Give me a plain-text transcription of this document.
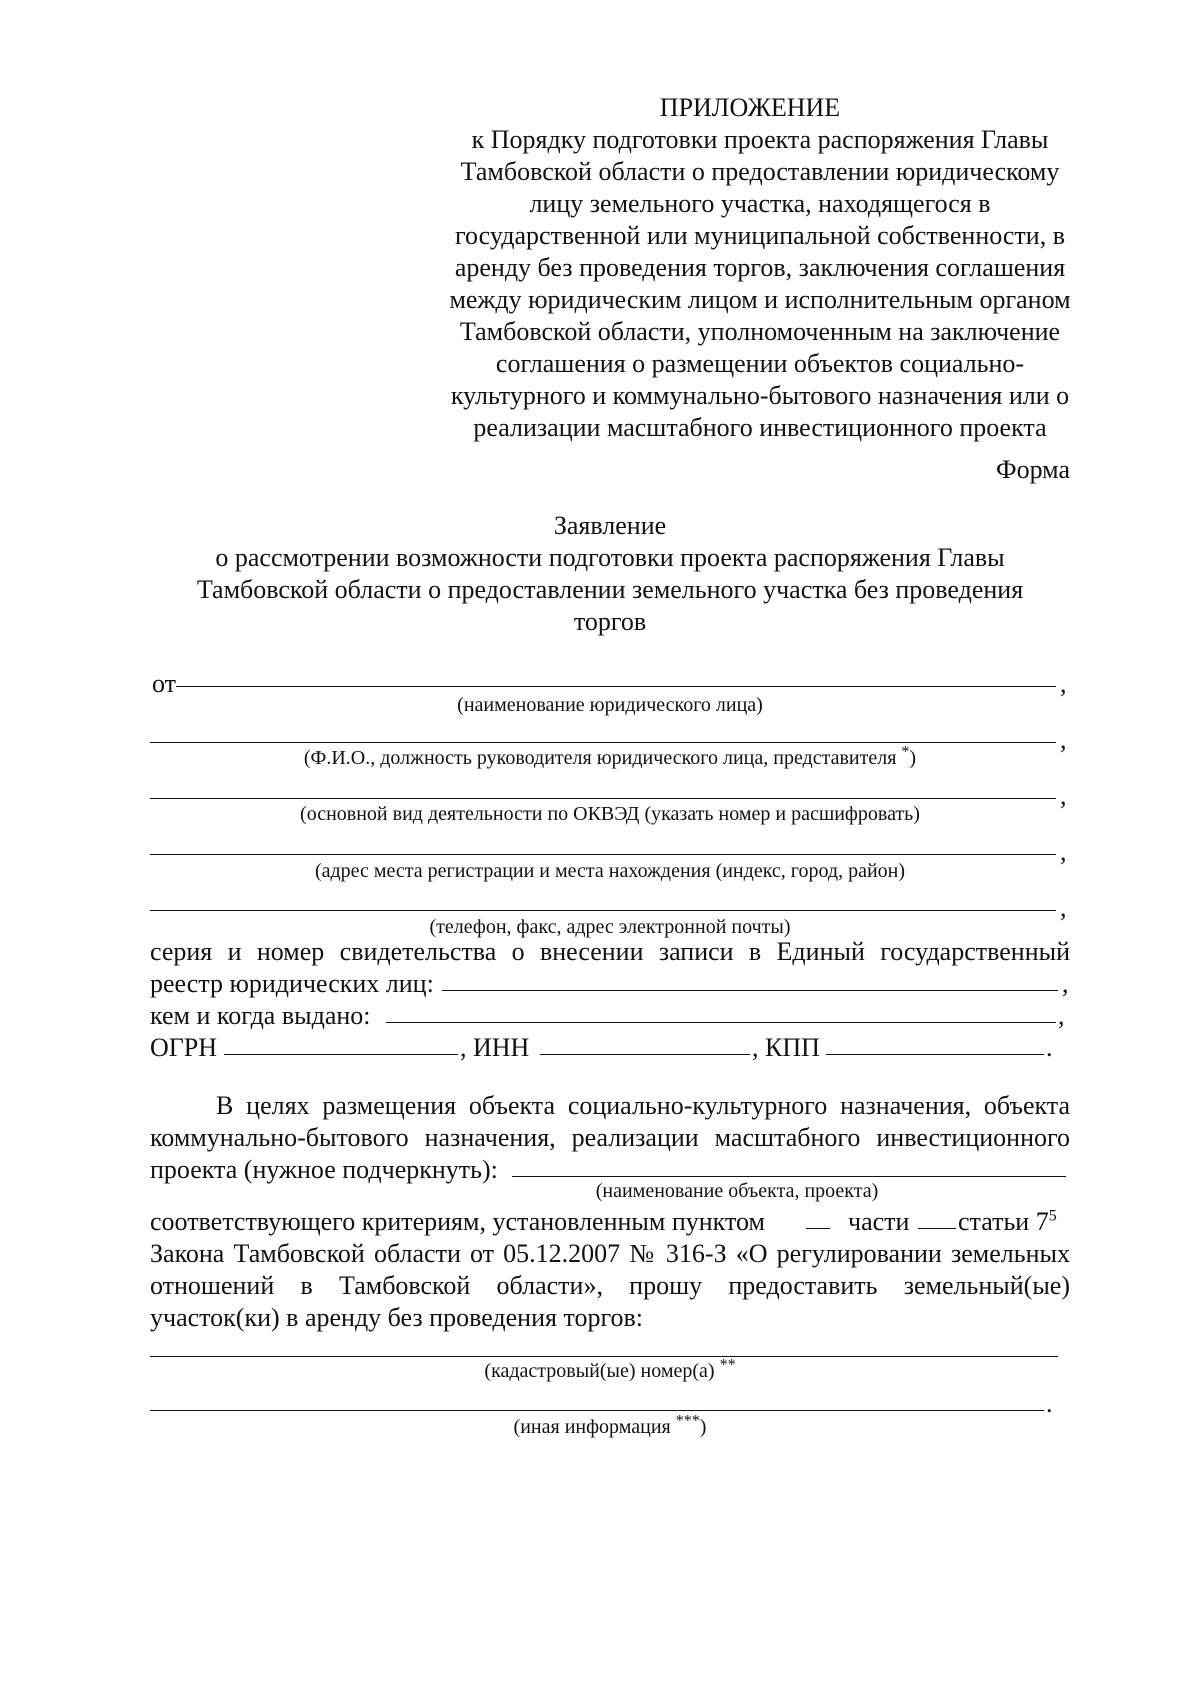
ПРИЛОЖЕНИЕ
к Порядку подготовки проекта распоряжения Главы
Тамбовской области о предоставлении юридическому
лицу земельного участка, находящегося в
государственной или муниципальной собственности, в
аренду без проведения торгов, заключения соглашения
между юридическим лицом и исполнительным органом
Тамбовской области, уполномоченным на заключение
соглашения о размещении объектов социально-
культурного и коммунально-бытового назначения или о
реализации масштабного инвестиционного проекта
Форма
Заявление
о рассмотрении возможности подготовки проекта распоряжения Главы
Тамбовской области о предоставлении земельного участка без проведения
торгов
от	,
(наименование юридического лица)
,
(Ф.И.О., должность руководителя юридического лица, представителя *)
,
(основной вид деятельности по ОКВЭД (указать номер и расшифровать)
,
(адрес места регистрации и места нахождения (индекс, город, район)
,
(телефон, факс, адрес электронной почты)
серия и номер свидетельства о внесении записи в Единый государственный
реестр юридических лиц:	,
кем и когда выдано:	,
ОГРН	, ИНН	, КПП	.
В целях размещения объекта социально-культурного назначения, объекта
коммунально-бытового назначения, реализации масштабного инвестиционного
проекта (нужное подчеркнуть):
(наименование объекта, проекта)
соответствующего критериям, установленным пунктом	части статьи $7^5$
Закона Тамбовской области от 05.12.2007 № 316-З «О регулировании земельных
отношений в Тамбовской области», прошу предоставить земельный(ые)
участок(ки) в аренду без проведения торгов:
(кадастровый(ые) номер(а) **
.
(иная информация ***)
